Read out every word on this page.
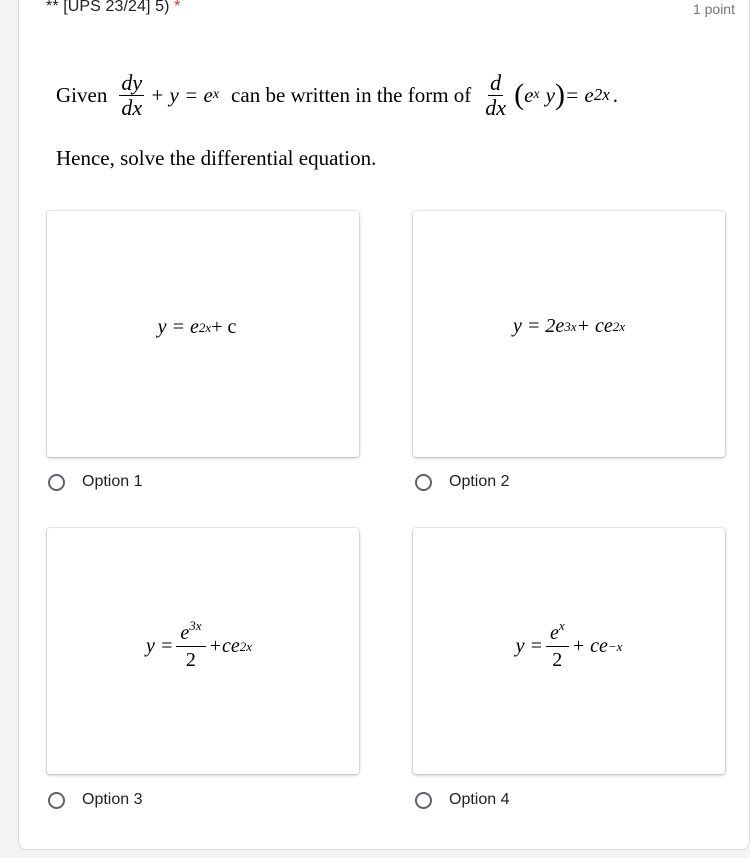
** [UPS 23/24] 5) *	1 point
Given $\frac{dy}{dx} + y = e$ x can be written in the form of $\frac{d}{dx}$ ( e x y ) = e 2x .
Hence, solve the differential equation.
y = e 2x + c
Option 1
y = 2e 3x + ce 2x
Option 2
$y = \frac{e^{3x}}{2} +ce$ 2x
Option 3
$y = \frac{e^x}{2}$ + ce −x
Option 4
